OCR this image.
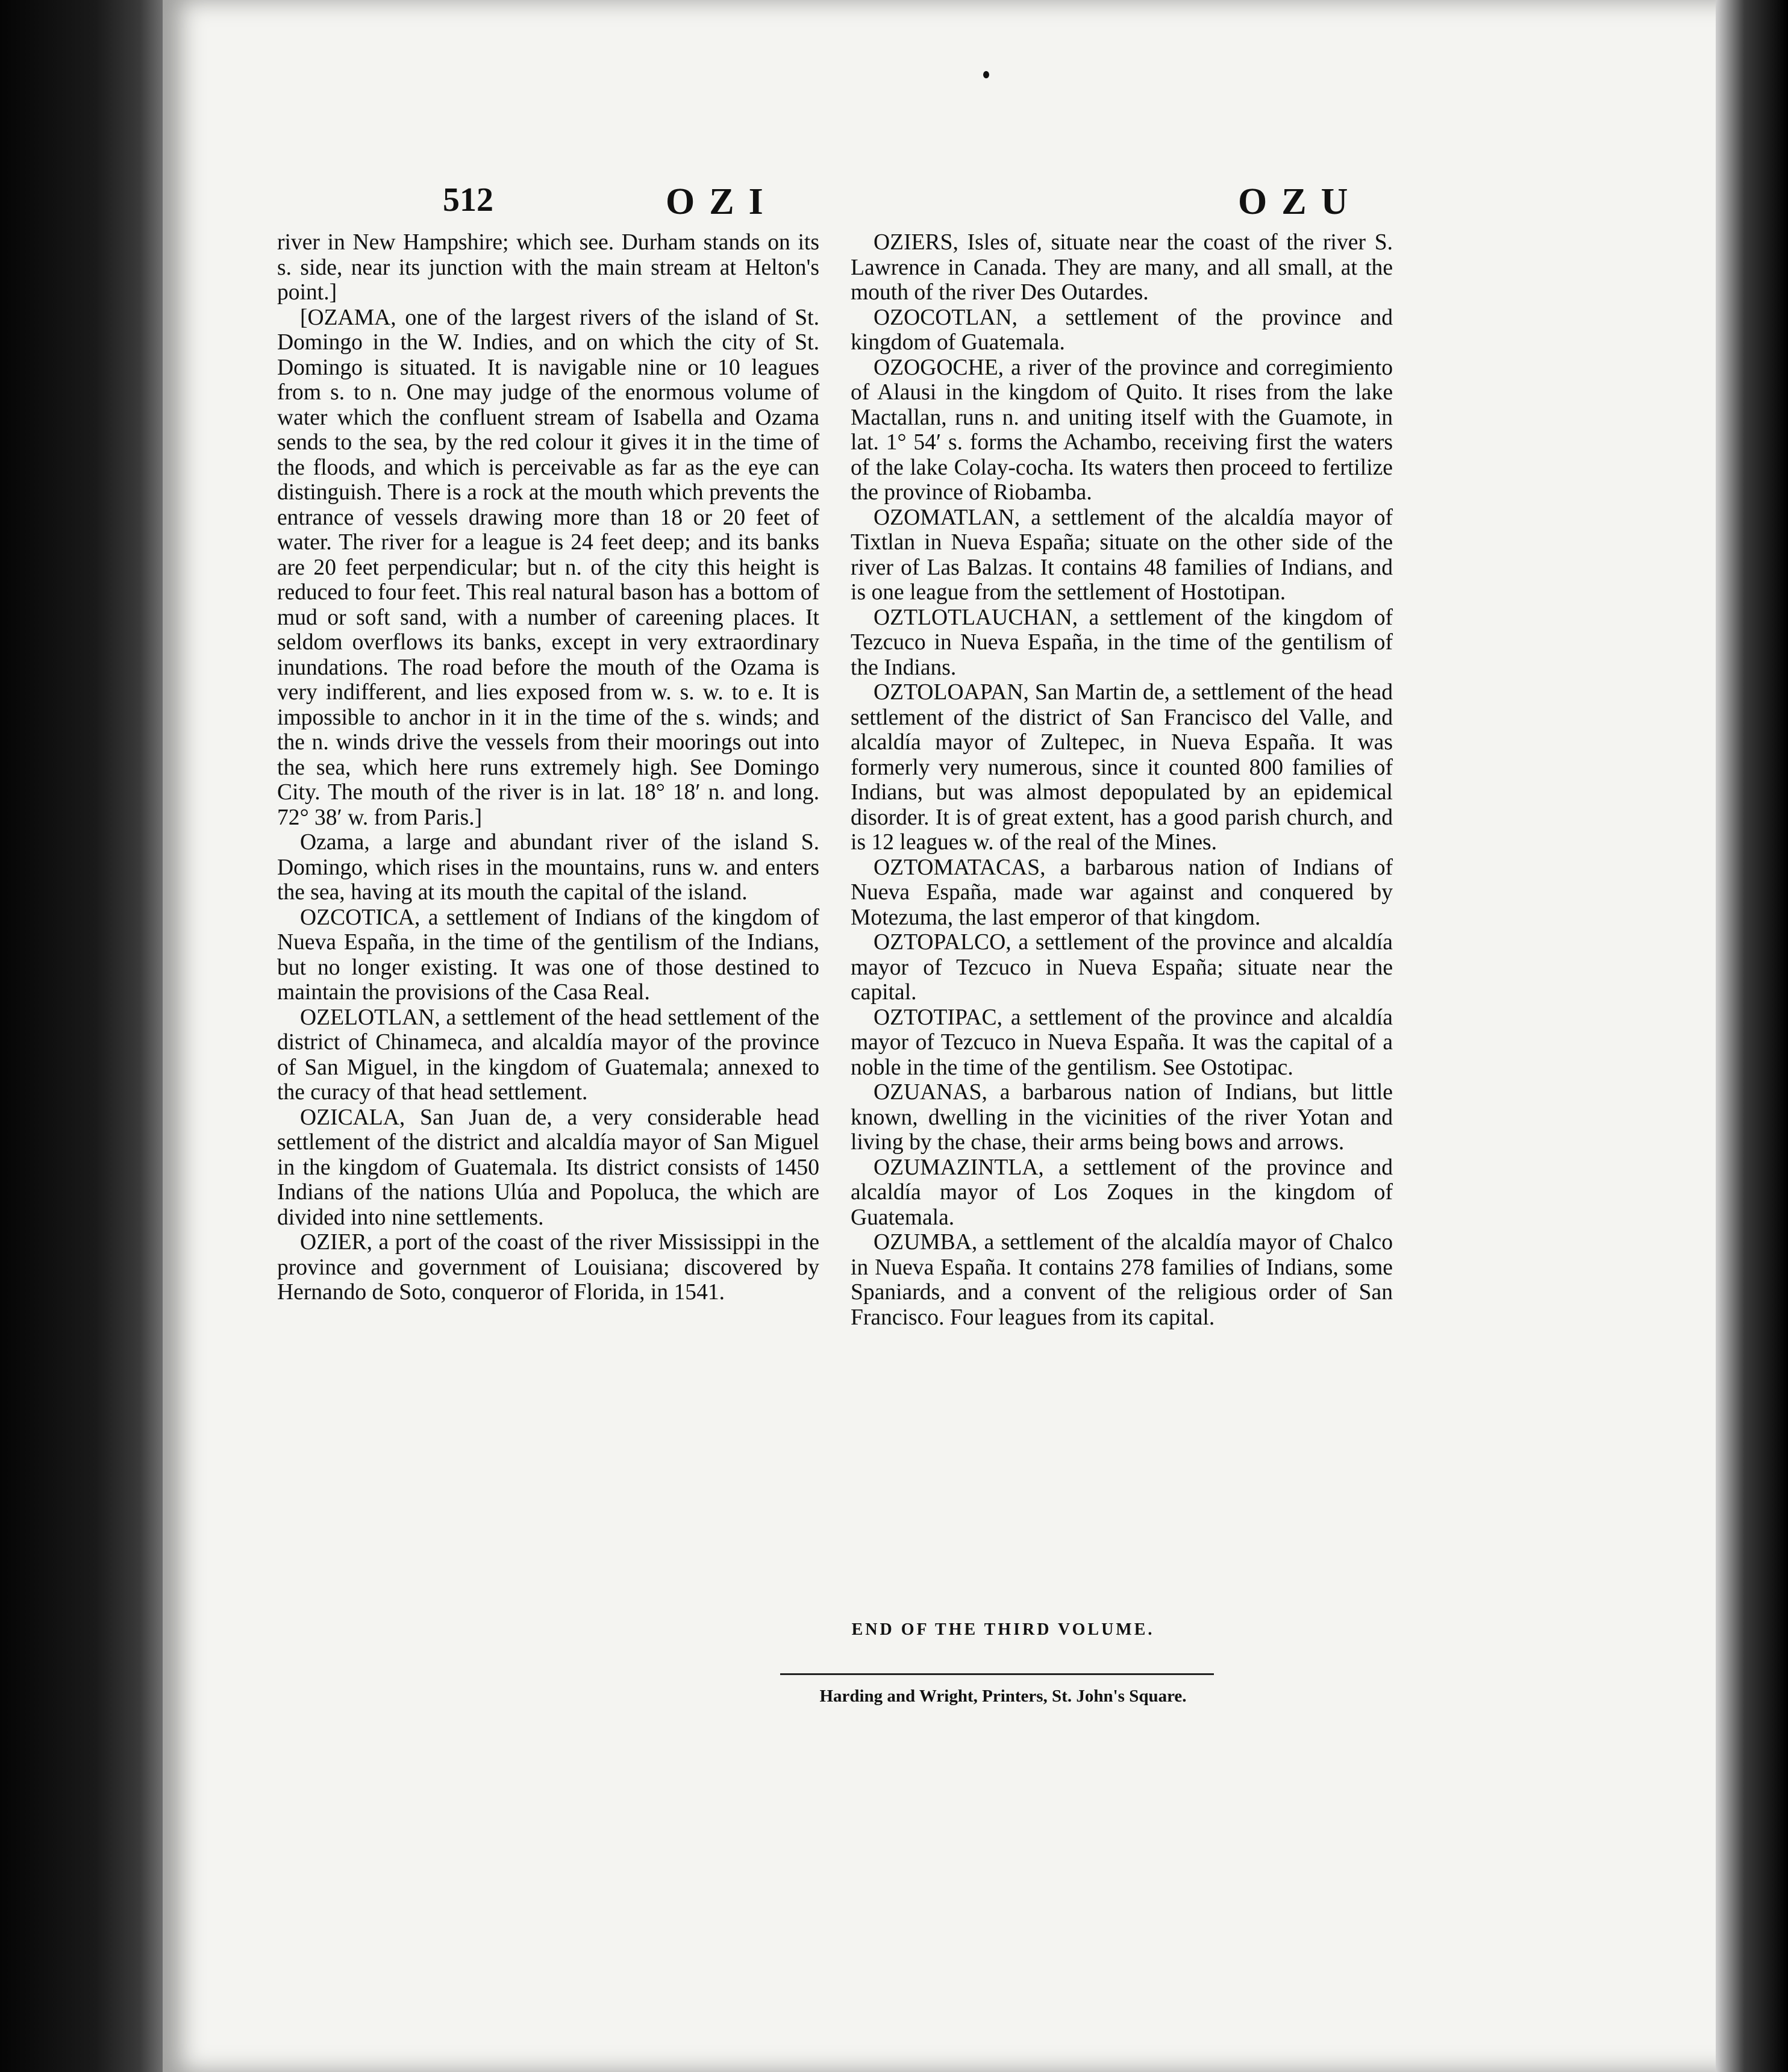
512	OZI	OZU

river in New Hampshire; which see. Durham stands on its s. side, near its junction with the main stream at Helton's point.]

[OZAMA, one of the largest rivers of the island of St. Domingo in the W. Indies, and on which the city of St. Domingo is situated. It is navigable nine or 10 leagues from s. to n. One may judge of the enormous volume of water which the confluent stream of Isabella and Ozama sends to the sea, by the red colour it gives it in the time of the floods, and which is perceivable as far as the eye can distinguish. There is a rock at the mouth which prevents the entrance of vessels drawing more than 18 or 20 feet of water. The river for a league is 24 feet deep; and its banks are 20 feet perpendicular; but n. of the city this height is reduced to four feet. This real natural bason has a bottom of mud or soft sand, with a number of careening places. It seldom overflows its banks, except in very extraordinary inundations. The road before the mouth of the Ozama is very indifferent, and lies exposed from w. s. w. to e. It is impossible to anchor in it in the time of the s. winds; and the n. winds drive the vessels from their moorings out into the sea, which here runs extremely high. See Domingo City. The mouth of the river is in lat. 18° 18′ n. and long. 72° 38′ w. from Paris.]

Ozama, a large and abundant river of the island S. Domingo, which rises in the mountains, runs w. and enters the sea, having at its mouth the capital of the island.

OZCOTICA, a settlement of Indians of the kingdom of Nueva España, in the time of the gentilism of the Indians, but no longer existing. It was one of those destined to maintain the provisions of the Casa Real.

OZELOTLAN, a settlement of the head settlement of the district of Chinameca, and alcaldía mayor of the province of San Miguel, in the kingdom of Guatemala; annexed to the curacy of that head settlement.

OZICALA, San Juan de, a very considerable head settlement of the district and alcaldía mayor of San Miguel in the kingdom of Guatemala. Its district consists of 1450 Indians of the nations Ulúa and Popoluca, the which are divided into nine settlements.

OZIER, a port of the coast of the river Mississippi in the province and government of Louisiana; discovered by Hernando de Soto, conqueror of Florida, in 1541.

OZIERS, Isles of, situate near the coast of the river S. Lawrence in Canada. They are many, and all small, at the mouth of the river Des Outardes.

OZOCOTLAN, a settlement of the province and kingdom of Guatemala.

OZOGOCHE, a river of the province and corregimiento of Alausi in the kingdom of Quito. It rises from the lake Mactallan, runs n. and uniting itself with the Guamote, in lat. 1° 54′ s. forms the Achambo, receiving first the waters of the lake Colay-cocha. Its waters then proceed to fertilize the province of Riobamba.

OZOMATLAN, a settlement of the alcaldía mayor of Tixtlan in Nueva España; situate on the other side of the river of Las Balzas. It contains 48 families of Indians, and is one league from the settlement of Hostotipan.

OZTLOTLAUCHAN, a settlement of the kingdom of Tezcuco in Nueva España, in the time of the gentilism of the Indians.

OZTOLOAPAN, San Martin de, a settlement of the head settlement of the district of San Francisco del Valle, and alcaldía mayor of Zultepec, in Nueva España. It was formerly very numerous, since it counted 800 families of Indians, but was almost depopulated by an epidemical disorder. It is of great extent, has a good parish church, and is 12 leagues w. of the real of the Mines.

OZTOMATACAS, a barbarous nation of Indians of Nueva España, made war against and conquered by Motezuma, the last emperor of that kingdom.

OZTOPALCO, a settlement of the province and alcaldía mayor of Tezcuco in Nueva España; situate near the capital.

OZTOTIPAC, a settlement of the province and alcaldía mayor of Tezcuco in Nueva España. It was the capital of a noble in the time of the gentilism. See Ostotipac.

OZUANAS, a barbarous nation of Indians, but little known, dwelling in the vicinities of the river Yotan and living by the chase, their arms being bows and arrows.

OZUMAZINTLA, a settlement of the province and alcaldía mayor of Los Zoques in the kingdom of Guatemala.

OZUMBA, a settlement of the alcaldía mayor of Chalco in Nueva España. It contains 278 families of Indians, some Spaniards, and a convent of the religious order of San Francisco. Four leagues from its capital.

END OF THE THIRD VOLUME.
Harding and Wright, Printers, St. John's Square.
